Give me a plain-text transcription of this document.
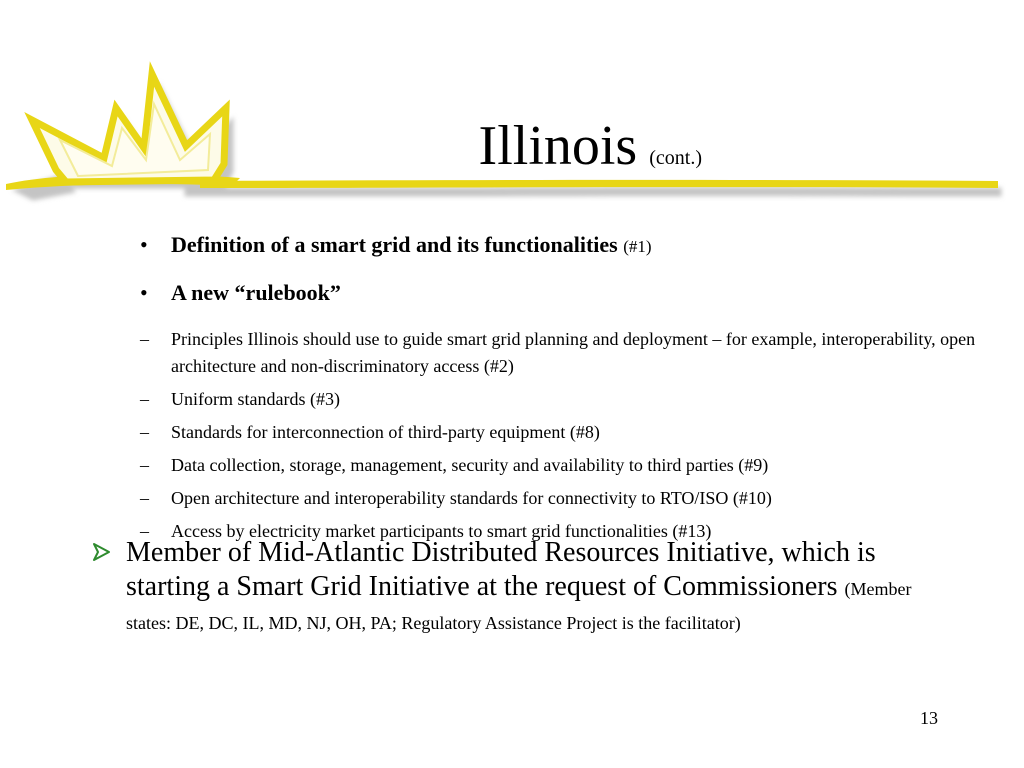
Illinois (cont.)
• Definition of a smart grid and its functionalities (#1)
• A new “rulebook”
– Principles Illinois should use to guide smart grid planning and deployment – for example, interoperability, open architecture and non-discriminatory access (#2)
– Uniform standards (#3)
– Standards for interconnection of third-party equipment (#8)
– Data collection, storage, management, security and availability to third parties (#9)
– Open architecture and interoperability standards for connectivity to RTO/ISO (#10)
– Access by electricity market participants to smart grid functionalities (#13)
Member of Mid-Atlantic Distributed Resources Initiative, which is starting a Smart Grid Initiative at the request of Commissioners (Member states: DE, DC, IL, MD, NJ, OH, PA; Regulatory Assistance Project is the facilitator)
13
